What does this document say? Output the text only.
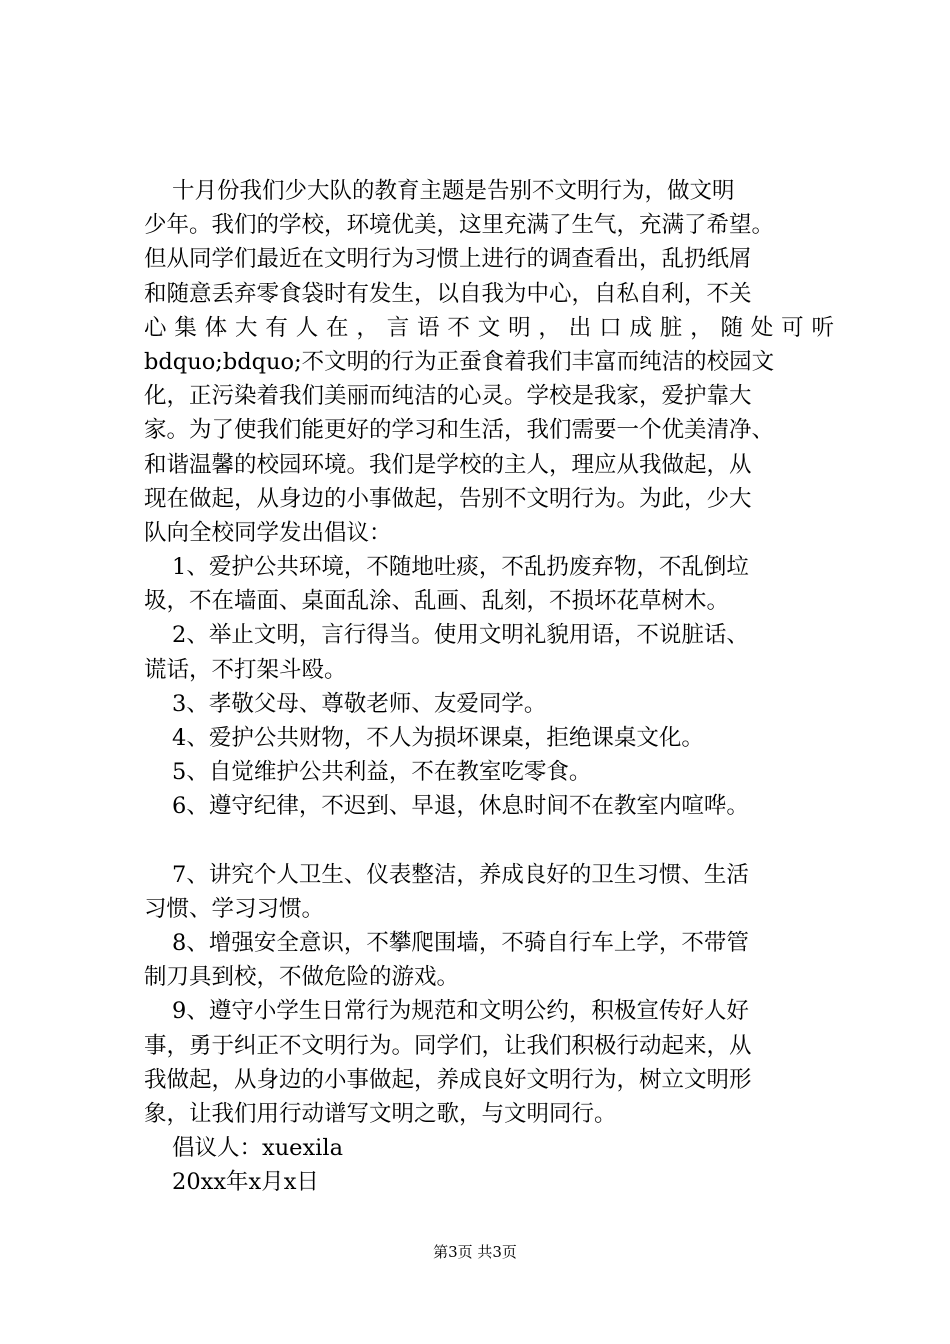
十月份我们少大队的教育主题是告别不文明行为，做文明
少年。我们的学校，环境优美，这里充满了生气，充满了希望。
但从同学们最近在文明行为习惯上进行的调查看出，乱扔纸屑
和随意丢弃零食袋时有发生，以自我为中心，自私自利，不关
心集体大有人在，言语不文明，出口成脏，随处可听
bdquo;bdquo;不文明的行为正蚕食着我们丰富而纯洁的校园文
化，正污染着我们美丽而纯洁的心灵。学校是我家，爱护靠大
家。为了使我们能更好的学习和生活，我们需要一个优美清净、
和谐温馨的校园环境。我们是学校的主人，理应从我做起，从
现在做起，从身边的小事做起，告别不文明行为。为此，少大
队向全校同学发出倡议：
1、爱护公共环境，不随地吐痰，不乱扔废弃物，不乱倒垃
圾，不在墙面、桌面乱涂、乱画、乱刻，不损坏花草树木。
2、举止文明，言行得当。使用文明礼貌用语，不说脏话、
谎话，不打架斗殴。
3、孝敬父母、尊敬老师、友爱同学。
4、爱护公共财物，不人为损坏课桌，拒绝课桌文化。
5、自觉维护公共利益，不在教室吃零食。
6、遵守纪律，不迟到、早退，休息时间不在教室内喧哗。
7、讲究个人卫生、仪表整洁，养成良好的卫生习惯、生活
习惯、学习习惯。
8、增强安全意识，不攀爬围墙，不骑自行车上学，不带管
制刀具到校，不做危险的游戏。
9、遵守小学生日常行为规范和文明公约，积极宣传好人好
事，勇于纠正不文明行为。同学们，让我们积极行动起来，从
我做起，从身边的小事做起，养成良好文明行为，树立文明形
象，让我们用行动谱写文明之歌，与文明同行。
倡议人：xuexila
20xx年x月x日
第3页 共3页
